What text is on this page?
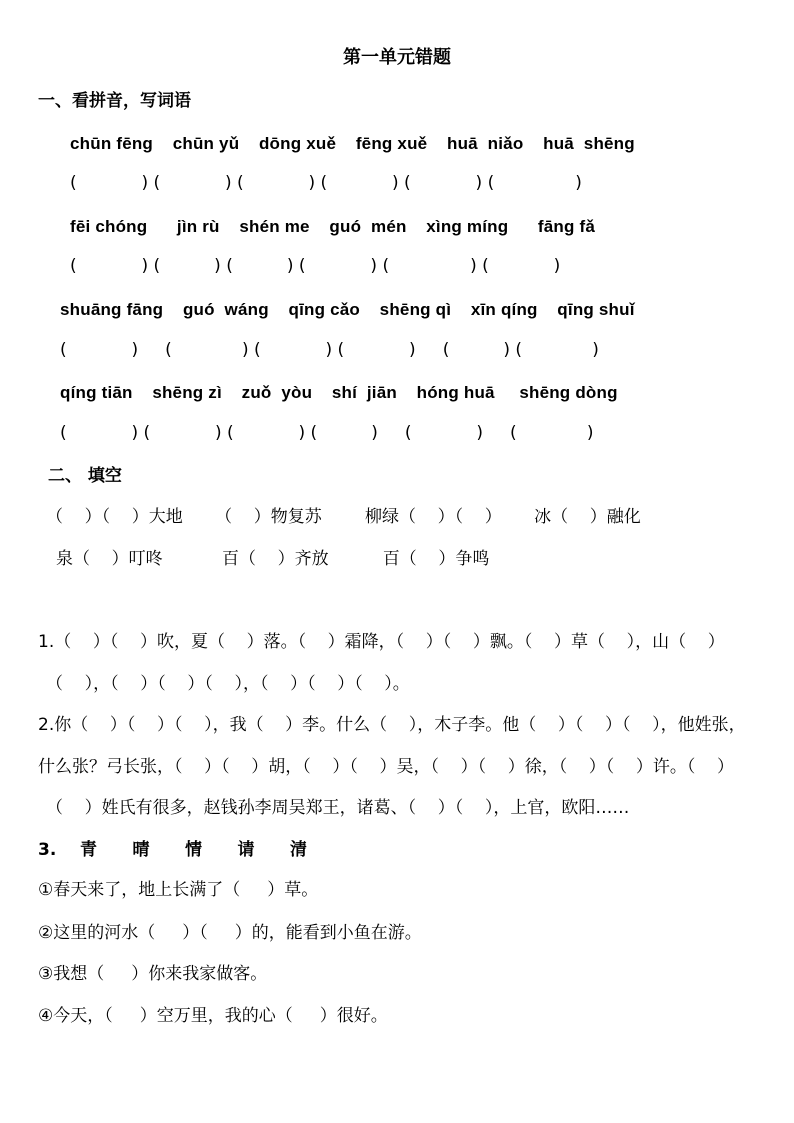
第一单元错题
一、看拼音，写词语
chūn fēng    chūn yǔ    dōng xuě    fēng xuě    huā  niǎo    huā  shēng
(            ) (            ) (            ) (            ) (            ) (               )
fēi chóng      jìn rù    shén me    guó  mén    xìng míng      fāng fǎ
(            ) (          ) (          ) (            ) (               ) (            )
shuāng fāng    guó  wáng    qīng cǎo    shēng qì    xīn qíng    qīng shuǐ
(            )     (             ) (            ) (            )     (          ) (             )
qíng tiān    shēng zì    zuǒ  yòu    shí  jiān    hóng huā     shēng dòng
(            ) (            ) (            ) (          )     (            )     (             )
二、 填空
（    ）（    ）大地      （    ）物复苏        柳绿（    ）（    ）      冰（    ）融化
泉（    ）叮咚           百（    ）齐放          百（    ）争鸣
1.（    ）（    ）吹，夏（    ）落。（    ）霜降，（    ）（    ）飘。（    ）草（    ），山（    ）
（    ），（    ）（    ）（    ），（    ）（    ）（    ）。
2.你（    ）（    ）（    ），我（    ）李。什么（    ），木子李。他（    ）（    ）（    ），他姓张，
什么张？弓长张，（    ）（    ）胡，（    ）（    ）吴，（    ）（    ）徐，（    ）（    ）许。（    ）
（    ）姓氏有很多，赵钱孙李周吴郑王，诸葛、（    ）（    ），上官，欧阳……
3.    青      晴      情      请      清
①春天来了，地上长满了（     ）草。
②这里的河水（     ）（     ）的，能看到小鱼在游。
③我想（     ）你来我家做客。
④今天，（     ）空万里，我的心（     ）很好。
